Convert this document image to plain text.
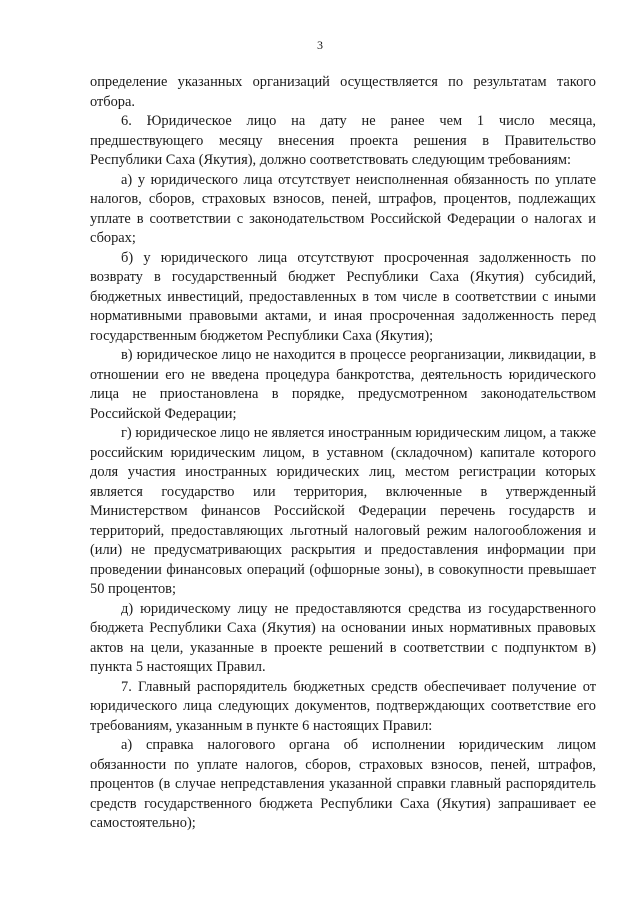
3

определение указанных организаций осуществляется по результатам такого отбора.

6. Юридическое лицо на дату не ранее чем 1 число месяца, предшествующего месяцу внесения проекта решения в Правительство Республики Саха (Якутия), должно соответствовать следующим требованиям:

а) у юридического лица отсутствует неисполненная обязанность по уплате налогов, сборов, страховых взносов, пеней, штрафов, процентов, подлежащих уплате в соответствии с законодательством Российской Федерации о налогах и сборах;

б) у юридического лица отсутствуют просроченная задолженность по возврату в государственный бюджет Республики Саха (Якутия) субсидий, бюджетных инвестиций, предоставленных в том числе в соответствии с иными нормативными правовыми актами, и иная просроченная задолженность перед государственным бюджетом Республики Саха (Якутия);

в) юридическое лицо не находится в процессе реорганизации, ликвидации, в отношении его не введена процедура банкротства, деятельность юридического лица не приостановлена в порядке, предусмотренном законодательством Российской Федерации;

г) юридическое лицо не является иностранным юридическим лицом, а также российским юридическим лицом, в уставном (складочном) капитале которого доля участия иностранных юридических лиц, местом регистрации которых является государство или территория, включенные в утвержденный Министерством финансов Российской Федерации перечень государств и территорий, предоставляющих льготный налоговый режим налогообложения и (или) не предусматривающих раскрытия и предоставления информации при проведении финансовых операций (офшорные зоны), в совокупности превышает 50 процентов;

д) юридическому лицу не предоставляются средства из государственного бюджета Республики Саха (Якутия) на основании иных нормативных правовых актов на цели, указанные в проекте решений в соответствии с подпунктом в) пункта 5 настоящих Правил.

7. Главный распорядитель бюджетных средств обеспечивает получение от юридического лица следующих документов, подтверждающих соответствие его требованиям, указанным в пункте 6 настоящих Правил:

а) справка налогового органа об исполнении юридическим лицом обязанности по уплате налогов, сборов, страховых взносов, пеней, штрафов, процентов (в случае непредставления указанной справки главный распорядитель средств государственного бюджета Республики Саха (Якутия) запрашивает ее самостоятельно);
